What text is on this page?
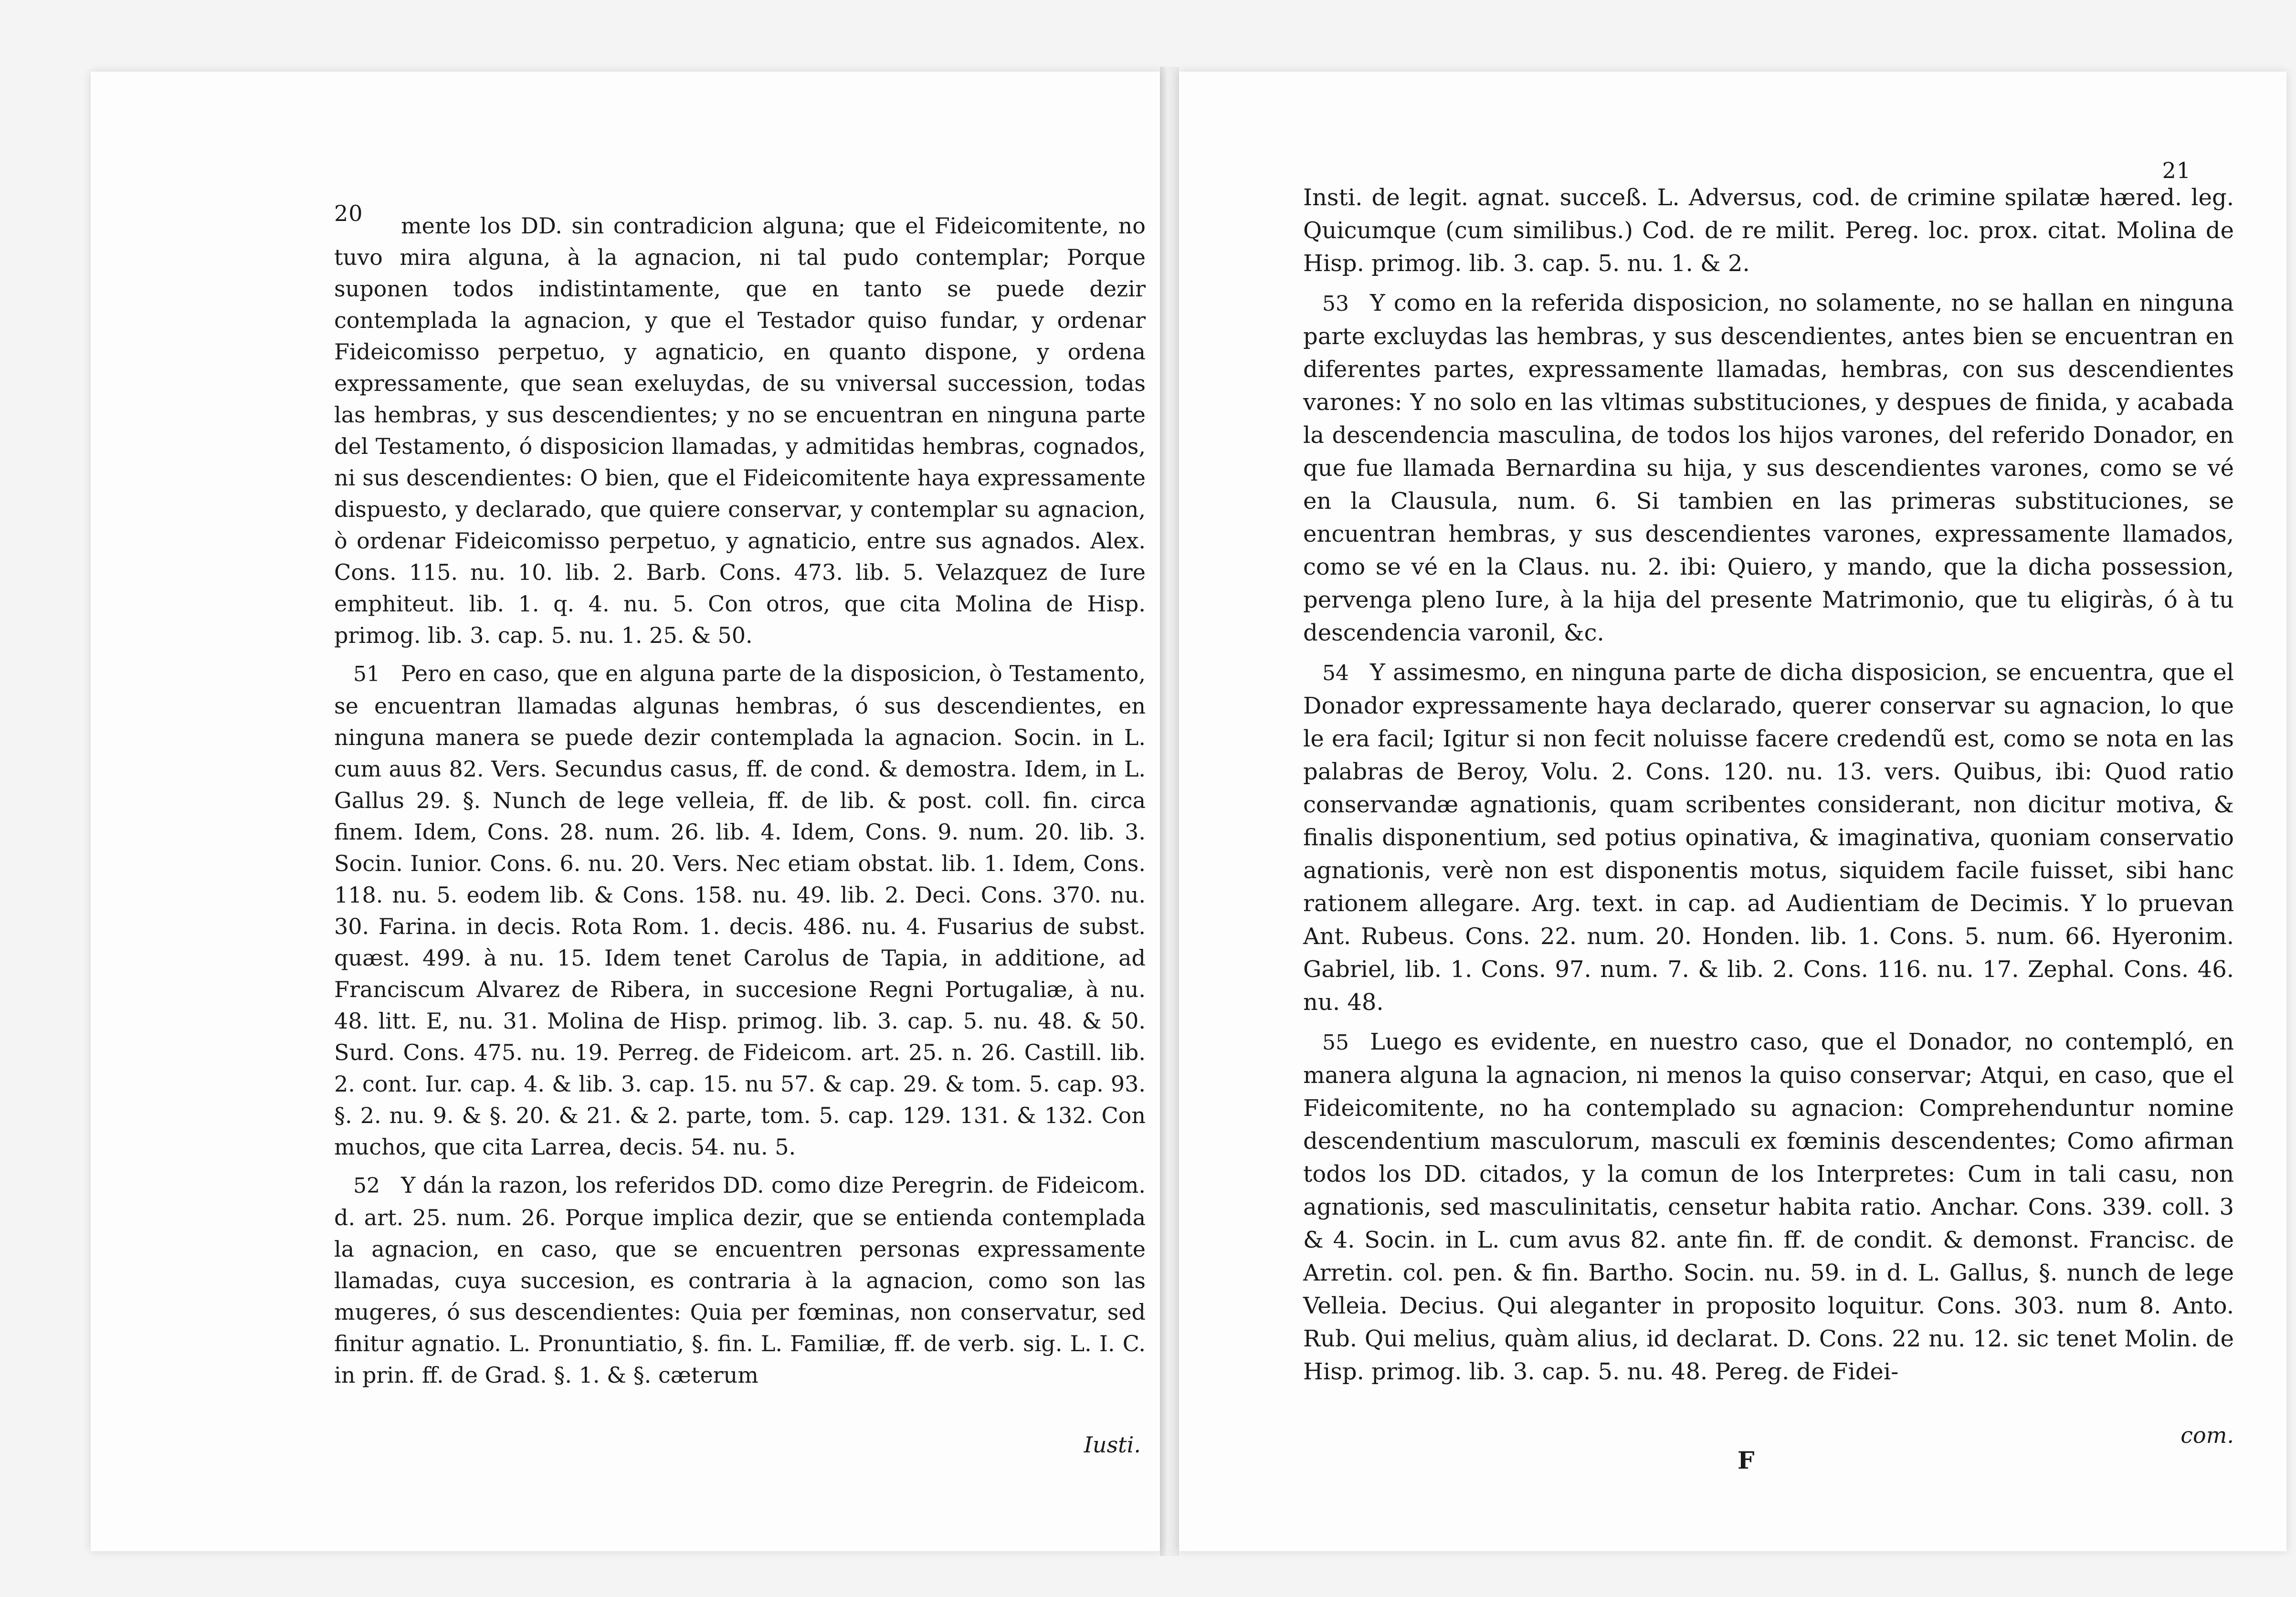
20	mente los DD. sin contradicion alguna; que el Fideicomitente, no tuvo mira alguna, à la agnacion, ni tal pudo contemplar; Porque suponen todos indistintamente, que en tanto se puede dezir contemplada la agnacion, y que el Testador quiso fundar, y ordenar Fideicomisso perpetuo, y agnaticio, en quanto dispone, y ordena expressamente, que sean exeluydas, de su vniversal succession, todas las hembras, y sus descendientes; y no se encuentran en ninguna parte del Testamento, ó disposicion llamadas, y admitidas hembras, cognados, ni sus descendientes: O bien, que el Fideicomitente haya expressamente dispuesto, y declarado, que quiere conservar, y contemplar su agnacion, ò ordenar Fideicomisso perpetuo, y agnaticio, entre sus agnados. Alex. Cons. 115. nu. 10. lib. 2. Barb. Cons. 473. lib. 5. Velazquez de Iure emphiteut. lib. 1. q. 4. nu. 5. Con otros, que cita Molina de Hisp. primog. lib. 3. cap. 5. nu. 1. 25. & 50.

51 Pero en caso, que en alguna parte de la disposicion, ò Testamento, se encuentran llamadas algunas hembras, ó sus descendientes, en ninguna manera se puede dezir contemplada la agnacion. Socin. in L. cum auus 82. Vers. Secundus casus, ff. de cond. & demostra. Idem, in L. Gallus 29. §. Nunch de lege velleia, ff. de lib. & post. coll. fin. circa finem. Idem, Cons. 28. num. 26. lib. 4. Idem, Cons. 9. num. 20. lib. 3. Socin. Iunior. Cons. 6. nu. 20. Vers. Nec etiam obstat. lib. 1. Idem, Cons. 118. nu. 5. eodem lib. & Cons. 158. nu. 49. lib. 2. Deci. Cons. 370. nu. 30. Farina. in decis. Rota Rom. 1. decis. 486. nu. 4. Fusarius de subst. quæst. 499. à nu. 15. Idem tenet Carolus de Tapia, in additione, ad Franciscum Alvarez de Ribera, in succesione Regni Portugaliæ, à nu. 48. litt. E, nu. 31. Molina de Hisp. primog. lib. 3. cap. 5. nu. 48. & 50. Surd. Cons. 475. nu. 19. Perreg. de Fideicom. art. 25. n. 26. Castill. lib. 2. cont. Iur. cap. 4. & lib. 3. cap. 15. nu 57. & cap. 29. & tom. 5. cap. 93. §. 2. nu. 9. & §. 20. & 21. & 2. parte, tom. 5. cap. 129. 131. & 132. Con muchos, que cita Larrea, decis. 54. nu. 5.

52 Y dán la razon, los referidos DD. como dize Peregrin. de Fideicom. d. art. 25. num. 26. Porque implica dezir, que se entienda contemplada la agnacion, en caso, que se encuentren personas expressamente llamadas, cuya succesion, es contraria à la agnacion, como son las mugeres, ó sus descendientes: Quia per fœminas, non conservatur, sed finitur agnatio. L. Pronuntiatio, §. fin. L. Familiæ, ff. de verb. sig. L. I. C. in prin. ff. de Grad. §. 1. & §. cæterum

Iusti.
21

Insti. de legit. agnat. succeß. L. Adversus, cod. de crimine spilatæ hæred. leg. Quicumque (cum similibus.) Cod. de re milit. Pereg. loc. prox. citat. Molina de Hisp. primog. lib. 3. cap. 5. nu. 1. & 2.

53 Y como en la referida disposicion, no solamente, no se hallan en ninguna parte excluydas las hembras, y sus descendientes, antes bien se encuentran en diferentes partes, expressamente llamadas, hembras, con sus descendientes varones: Y no solo en las vltimas substituciones, y despues de finida, y acabada la descendencia masculina, de todos los hijos varones, del referido Donador, en que fue llamada Bernardina su hija, y sus descendientes varones, como se vé en la Clausula, num. 6. Si tambien en las primeras substituciones, se encuentran hembras, y sus descendientes varones, expressamente llamados, como se vé en la Claus. nu. 2. ibi: Quiero, y mando, que la dicha possession, pervenga pleno Iure, à la hija del presente Matrimonio, que tu eligiràs, ó à tu descendencia varonil, &c.

54 Y assimesmo, en ninguna parte de dicha disposicion, se encuentra, que el Donador expressamente haya declarado, querer conservar su agnacion, lo que le era facil; Igitur si non fecit noluisse facere credendũ est, como se nota en las palabras de Beroy, Volu. 2. Cons. 120. nu. 13. vers. Quibus, ibi: Quod ratio conservandæ agnationis, quam scribentes considerant, non dicitur motiva, & finalis disponentium, sed potius opinativa, & imaginativa, quoniam conservatio agnationis, verè non est disponentis motus, siquidem facile fuisset, sibi hanc rationem allegare. Arg. text. in cap. ad Audientiam de Decimis. Y lo pruevan Ant. Rubeus. Cons. 22. num. 20. Honden. lib. 1. Cons. 5. num. 66. Hyeronim. Gabriel, lib. 1. Cons. 97. num. 7. & lib. 2. Cons. 116. nu. 17. Zephal. Cons. 46. nu. 48.

55 Luego es evidente, en nuestro caso, que el Donador, no contempló, en manera alguna la agnacion, ni menos la quiso conservar; Atqui, en caso, que el Fideicomitente, no ha contemplado su agnacion: Comprehenduntur nomine descendentium masculorum, masculi ex fœminis descendentes; Como afirman todos los DD. citados, y la comun de los Interpretes: Cum in tali casu, non agnationis, sed masculinitatis, censetur habita ratio. Anchar. Cons. 339. coll. 3 & 4. Socin. in L. cum avus 82. ante fin. ff. de condit. & demonst. Francisc. de Arretin. col. pen. & fin. Bartho. Socin. nu. 59. in d. L. Gallus, §. nunch de lege Velleia. Decius. Qui aleganter in proposito loquitur. Cons. 303. num 8. Anto. Rub. Qui melius, quàm alius, id declarat. D. Cons. 22 nu. 12. sic tenet Molin. de Hisp. primog. lib. 3. cap. 5. nu. 48. Pereg. de Fidei-

com.
F
